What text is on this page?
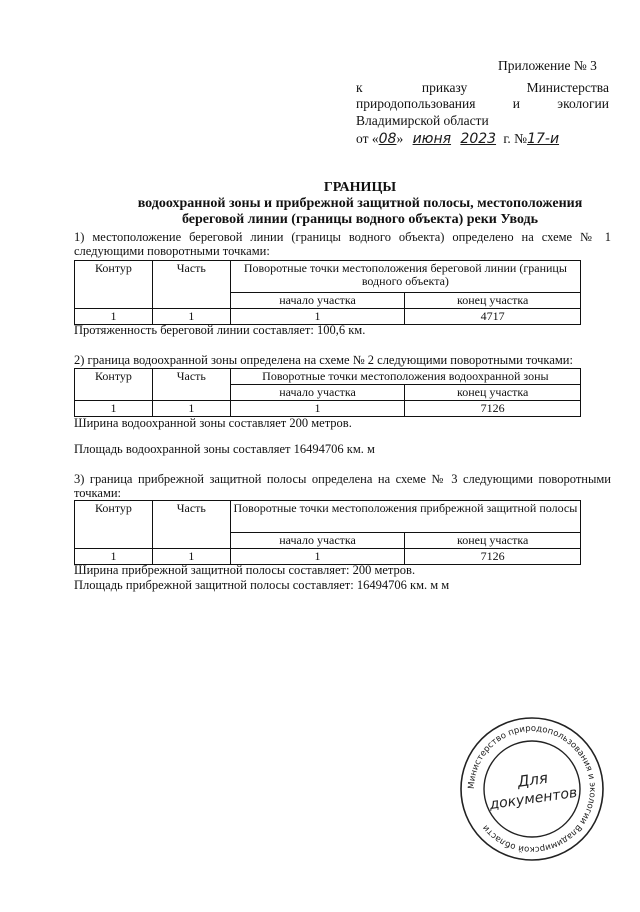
Приложение № 3
к	приказу	Министерства
природопользования	и	экологии
Владимирской области
от «08» июня 2023 г. №17-и
ГРАНИЦЫ
водоохранной зоны и прибрежной защитной полосы, местоположения
береговой линии (границы водного объекта) реки Уводь
1) местоположение береговой линии (границы водного объекта) определено на схеме № 1
следующими поворотными точками:
Контур	Часть	Поворотные точки местоположения береговой линии (границы водного объекта)	
		начало участка	конец участка
1	1	1	4717
Протяженность береговой линии составляет: 100,6 км.
2) граница водоохранной зоны определена на схеме № 2 следующими поворотными точками:
Контур	Часть	Поворотные точки местоположения водоохранной зоны	
		начало участка	конец участка
1	1	1	7126
Ширина водоохранной зоны составляет 200 метров.
Площадь водоохранной зоны составляет 16494706 км. м
3) граница прибрежной защитной полосы определена на схеме № 3 следующими поворотными
точками:
Контур	Часть	Поворотные точки местоположения прибрежной защитной полосы	
		начало участка	конец участка
1	1	1	7126
Ширина прибрежной защитной полосы составляет: 200 метров.
Площадь прибрежной защитной полосы составляет: 16494706 км. м м
Министерство природопользования и экологии Владимирской области
Для
документов
